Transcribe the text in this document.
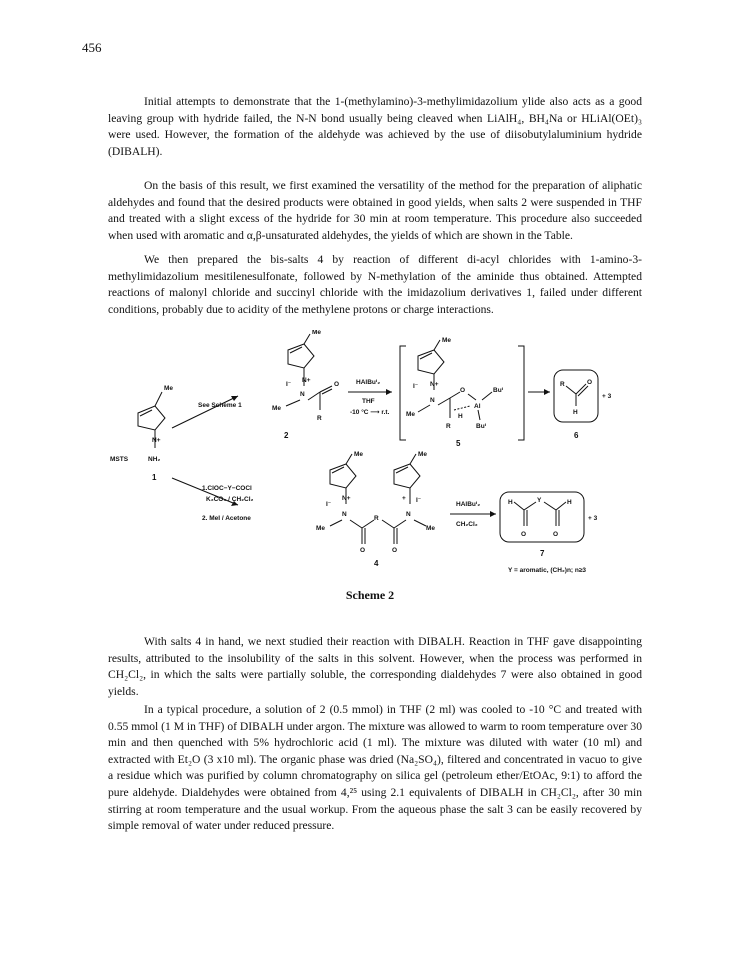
456

Initial attempts to demonstrate that the 1-(methylamino)-3-methylimidazolium ylide also acts as a good leaving group with hydride failed, the N-N bond usually being cleaved when LiAlH₄, BH₄Na or HLiAl(OEt)₃ were used. However, the formation of the aldehyde was achieved by the use of diisobutylaluminium hydride (DIBALH).

On the basis of this result, we first examined the versatility of the method for the preparation of aliphatic aldehydes and found that the desired products were obtained in good yields, when salts 2 were suspended in THF and treated with a slight excess of the hydride for 30 min at room temperature. This procedure also succeeded when used with aromatic and α,β-unsaturated aldehydes, the yields of which are shown in the Table.

We then prepared the bis-salts 4 by reaction of different di-acyl chlorides with 1-amino-3-methylimidazolium mesitilenesulfonate, followed by N-methylation of the aminide thus obtained. Attempted reactions of malonyl chloride and succinyl chloride with the imidazolium derivatives 1, failed under different conditions, probably due to acidity of the methylene protons or charge interactions.

Me
N+
MSTS	NH₂
1
See Scheme 1
1.ClOC−Y−COCl
K₂CO₃ / CH₂Cl₂
2. MeI / Acetone
Me
N+
I⁻
N
Me
O
R
2
HAlBuⁱ₂
THF
-10 °C ⟶ r.t.
Me
N+
I⁻
N
Me
O
Al
Buⁱ
Buⁱ
R
H
5
R	O
H
+ 3
6
Me
N+
I⁻
N
Me
O
R
O
N
Me
+ I⁻
Me
4
HAlBuⁱ₂
CH₂Cl₂
H
O
Y
O
H
+ 3
7
Y = aromatic, (CH₂)n; n≥3
Scheme 2

With salts 4 in hand, we next studied their reaction with DIBALH. Reaction in THF gave disappointing results, attributed to the insolubility of the salts in this solvent. However, when the process was performed in CH₂Cl₂, in which the salts were partially soluble, the corresponding dialdehydes 7 were also obtained in good yields.

In a typical procedure, a solution of 2 (0.5 mmol) in THF (2 ml) was cooled to -10 °C and treated with 0.55 mmol (1 M in THF) of DIBALH under argon. The mixture was allowed to warm to room temperature over 30 min and then quenched with 5% hydrochloric acid (1 ml). The mixture was diluted with water (10 ml) and extracted with Et₂O (3 x10 ml). The organic phase was dried (Na₂SO₄), filtered and concentrated in vacuo to give a residue which was purified by column chromatography on silica gel (petroleum ether/EtOAc, 9:1) to afford the pure aldehyde. Dialdehydes were obtained from 4,²⁵ using 2.1 equivalents of DIBALH in CH₂Cl₂, after 30 min stirring at room temperature and the usual workup. From the aqueous phase the salt 3 can be easily recovered by simple removal of water under reduced pressure.
